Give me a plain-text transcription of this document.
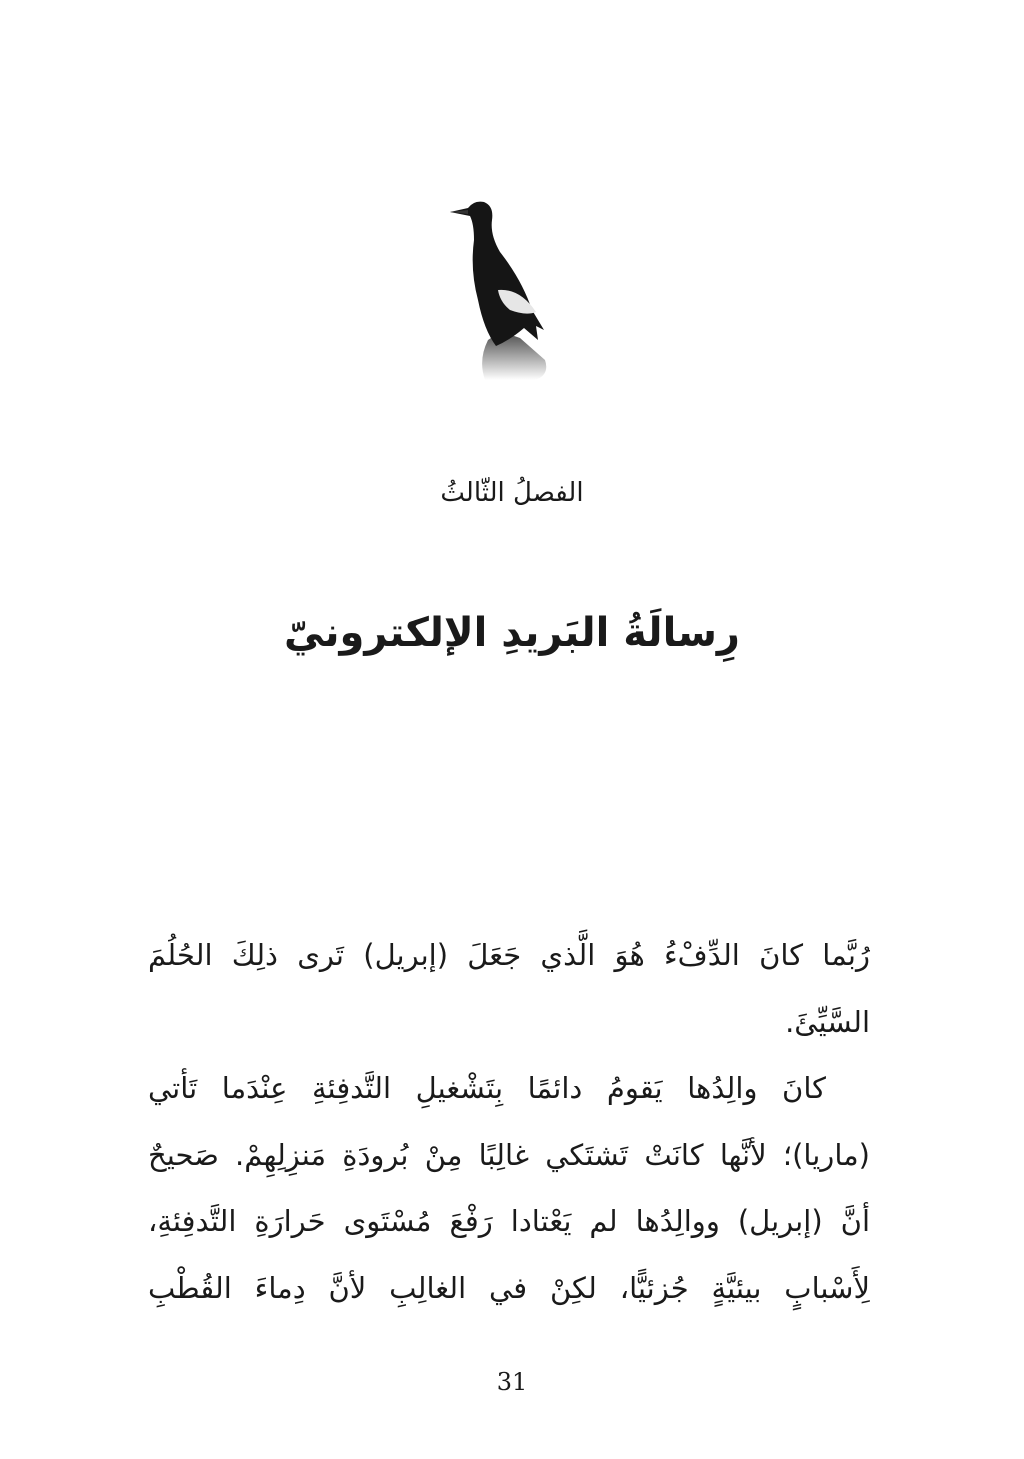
الفصلُ الثّالثُ
رِسالَةُ البَريدِ الإلكترونيّ
رُبَّما كانَ الدِّفْءُ هُوَ الَّذي جَعَلَ (إبريل) تَرى ذلِكَ الحُلُمَ
السَّيِّئَ.
كانَ والِدُها يَقومُ دائمًا بِتَشْغيلِ التَّدفِئةِ عِنْدَما تَأتي
(ماريا)؛ لأنَّها كانَتْ تَشتَكي غالِبًا مِنْ بُرودَةِ مَنزِلِهِمْ. صَحيحٌ
أنَّ (إبريل) ووالِدُها لم يَعْتادا رَفْعَ مُسْتَوى حَرارَةِ التَّدفِئةِ،
لِأَسْبابٍ بيئيَّةٍ جُزئيًّا، لكِنْ في الغالِبِ لأنَّ دِماءَ القُطْبِ
31
